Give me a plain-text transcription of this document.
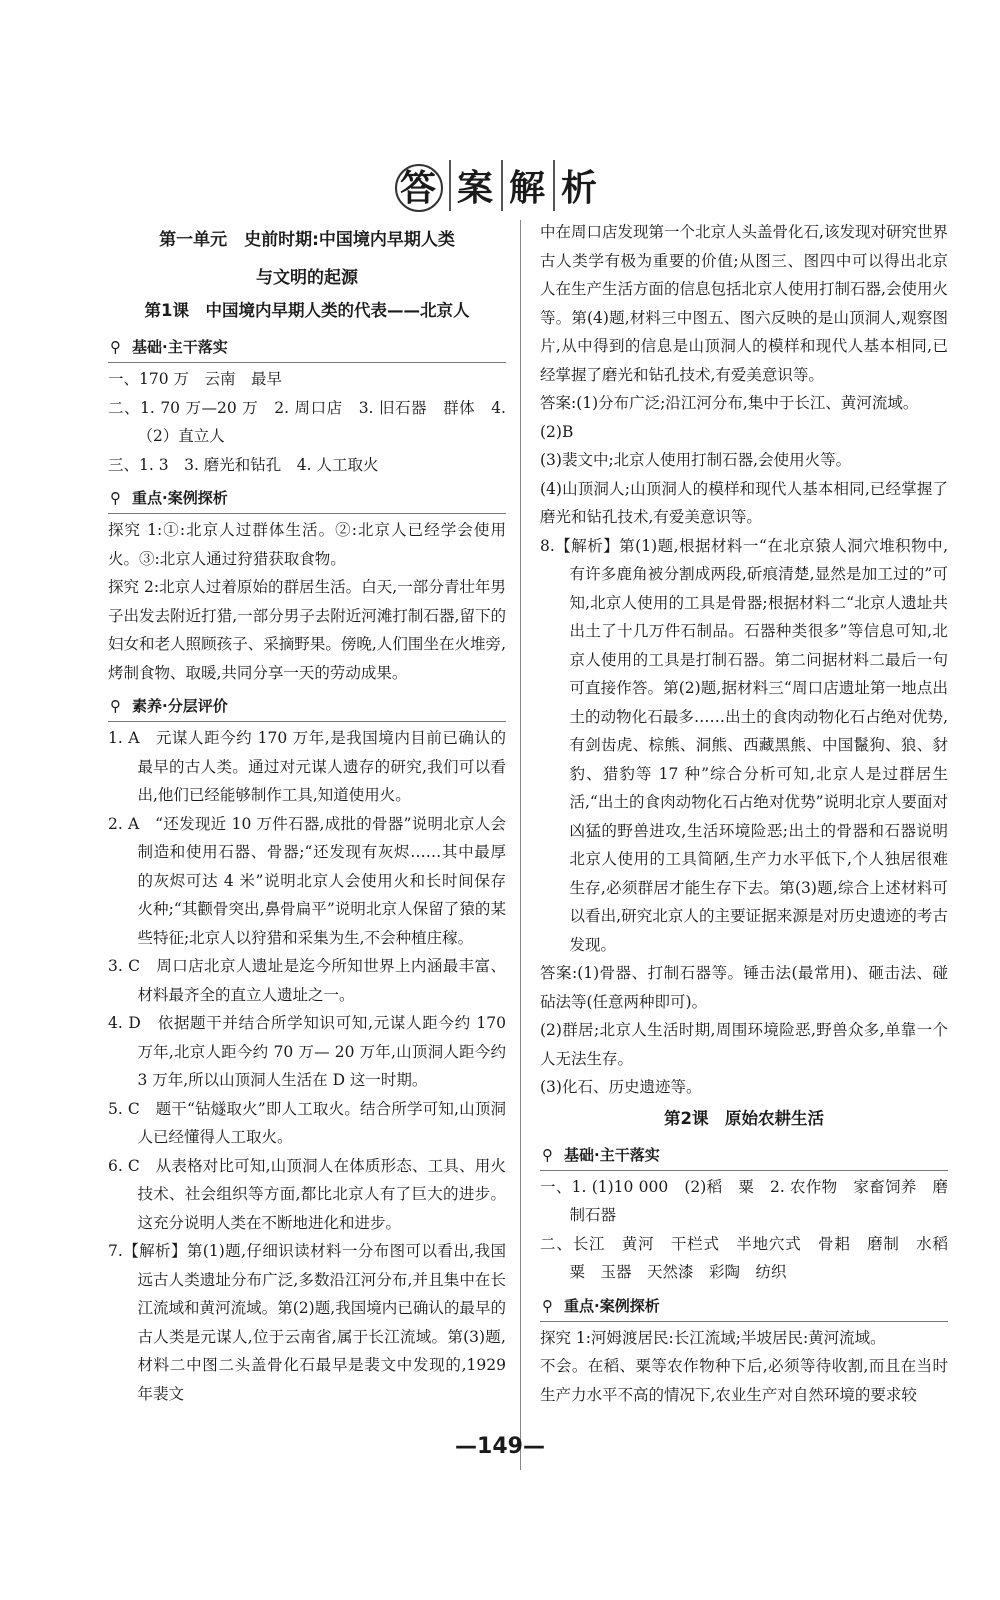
答 案 解 析
第一单元　史前时期:中国境内早期人类
与文明的起源
第1课　中国境内早期人类的代表——北京人
⚲ 基础·主干落实

一、170 万　云南　最早

二、1. 70 万—20 万　2. 周口店　3. 旧石器　群体　4.（2）直立人

三、1. 3　3. 磨光和钻孔　4. 人工取火

⚲ 重点·案例探析

探究 1:①:北京人过群体生活。②:北京人已经学会使用火。③:北京人通过狩猎获取食物。

探究 2:北京人过着原始的群居生活。白天,一部分青壮年男子出发去附近打猎,一部分男子去附近河滩打制石器,留下的妇女和老人照顾孩子、采摘野果。傍晚,人们围坐在火堆旁,烤制食物、取暖,共同分享一天的劳动成果。

⚲ 素养·分层评价

1. A　元谋人距今约 170 万年,是我国境内目前已确认的最早的古人类。通过对元谋人遗存的研究,我们可以看出,他们已经能够制作工具,知道使用火。

2. A　“还发现近 10 万件石器,成批的骨器”说明北京人会制造和使用石器、骨器;“还发现有灰烬……其中最厚的灰烬可达 4 米”说明北京人会使用火和长时间保存火种;“其颧骨突出,鼻骨扁平”说明北京人保留了猿的某些特征;北京人以狩猎和采集为生,不会种植庄稼。

3. C　周口店北京人遗址是迄今所知世界上内涵最丰富、材料最齐全的直立人遗址之一。

4. D　依据题干并结合所学知识可知,元谋人距今约 170 万年,北京人距今约 70 万— 20 万年,山顶洞人距今约 3 万年,所以山顶洞人生活在 D 这一时期。

5. C　题干“钻燧取火”即人工取火。结合所学可知,山顶洞人已经懂得人工取火。

6. C　从表格对比可知,山顶洞人在体质形态、工具、用火技术、社会组织等方面,都比北京人有了巨大的进步。这充分说明人类在不断地进化和进步。

7.【解析】第(1)题,仔细识读材料一分布图可以看出,我国远古人类遗址分布广泛,多数沿江河分布,并且集中在长江流域和黄河流域。第(2)题,我国境内已确认的最早的古人类是元谋人,位于云南省,属于长江流域。第(3)题,材料二中图二头盖骨化石最早是裴文中发现的,1929 年裴文

中在周口店发现第一个北京人头盖骨化石,该发现对研究世界古人类学有极为重要的价值;从图三、图四中可以得出北京人在生产生活方面的信息包括北京人使用打制石器,会使用火等。第(4)题,材料三中图五、图六反映的是山顶洞人,观察图片,从中得到的信息是山顶洞人的模样和现代人基本相同,已经掌握了磨光和钻孔技术,有爱美意识等。

答案:(1)分布广泛;沿江河分布,集中于长江、黄河流域。

(2)B

(3)裴文中;北京人使用打制石器,会使用火等。

(4)山顶洞人;山顶洞人的模样和现代人基本相同,已经掌握了磨光和钻孔技术,有爱美意识等。

8.【解析】第(1)题,根据材料一“在北京猿人洞穴堆积物中,有许多鹿角被分割成两段,斫痕清楚,显然是加工过的”可知,北京人使用的工具是骨器;根据材料二“北京人遗址共出土了十几万件石制品。石器种类很多”等信息可知,北京人使用的工具是打制石器。第二问据材料二最后一句可直接作答。第(2)题,据材料三“周口店遗址第一地点出土的动物化石最多……出土的食肉动物化石占绝对优势,有剑齿虎、棕熊、洞熊、西藏黑熊、中国鬣狗、狼、豺豹、猎豹等 17 种”综合分析可知,北京人是过群居生活,“出土的食肉动物化石占绝对优势”说明北京人要面对凶猛的野兽进攻,生活环境险恶;出土的骨器和石器说明北京人使用的工具简陋,生产力水平低下,个人独居很难生存,必须群居才能生存下去。第(3)题,综合上述材料可以看出,研究北京人的主要证据来源是对历史遗迹的考古发现。

答案:(1)骨器、打制石器等。锤击法(最常用)、砸击法、碰砧法等(任意两种即可)。

(2)群居;北京人生活时期,周围环境险恶,野兽众多,单靠一个人无法生存。

(3)化石、历史遗迹等。

第2课　原始农耕生活
⚲ 基础·主干落实

一、1. (1)10 000　(2)稻　粟　2. 农作物　家畜饲养　磨制石器

二、长江　黄河　干栏式　半地穴式　骨耜　磨制　水稻　粟　玉器　天然漆　彩陶　纺织

⚲ 重点·案例探析

探究 1:河姆渡居民:长江流域;半坡居民:黄河流域。

不会。在稻、粟等农作物种下后,必须等待收割,而且在当时生产力水平不高的情况下,农业生产对自然环境的要求较

—149—
